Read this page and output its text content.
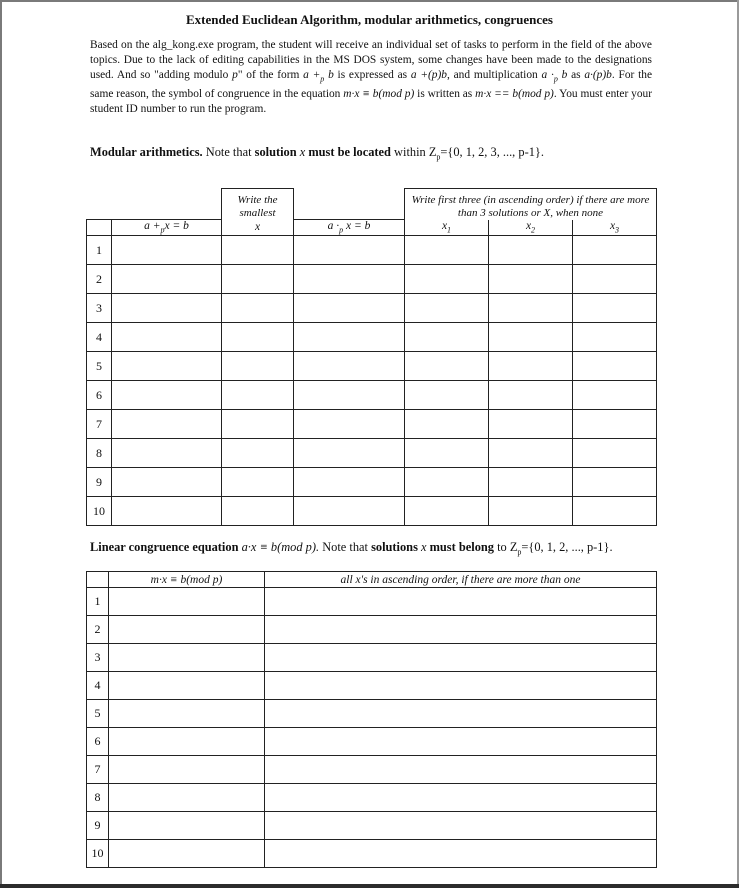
Extended Euclidean Algorithm, modular arithmetics, congruences
Based on the alg_kong.exe program, the student will receive an individual set of tasks to perform in the field of the above topics. Due to the lack of editing capabilities in the MS DOS system, some changes have been made to the designations used. And so "adding modulo p" of the form $a +_p$ b is expressed as a +(p)b, and multiplication $a \cdot_p$ b as a·(p)b. For the same reason, the symbol of congruence in the equation m·x ≡ b(mod p) is written as m·x == b(mod p). You must enter your student ID number to run the program.
Modular arithmetics. Note that solution x must be located within $Z_p=\{0$, 1, 2, 3, ..., p-1}.
		Write the smallest		Write first three (in ascending order) if there are more than 3 solutions or X, when none		
	$a +_px = b$	x	$a \cdot_p$ x = b	$x_1$	$x_2$	$x_3$
1						
2						
3						
4						
5						
6						
7						
8						
9						
10						
Linear congruence equation a·x ≡ b(mod p). Note that solutions x must belong to $Z_p=\{0$, 1, 2, ..., p-1}.
	m·x ≡ b(mod p)	all x's in ascending order, if there are more than one
1		
2		
3		
4		
5		
6		
7		
8		
9		
10		
